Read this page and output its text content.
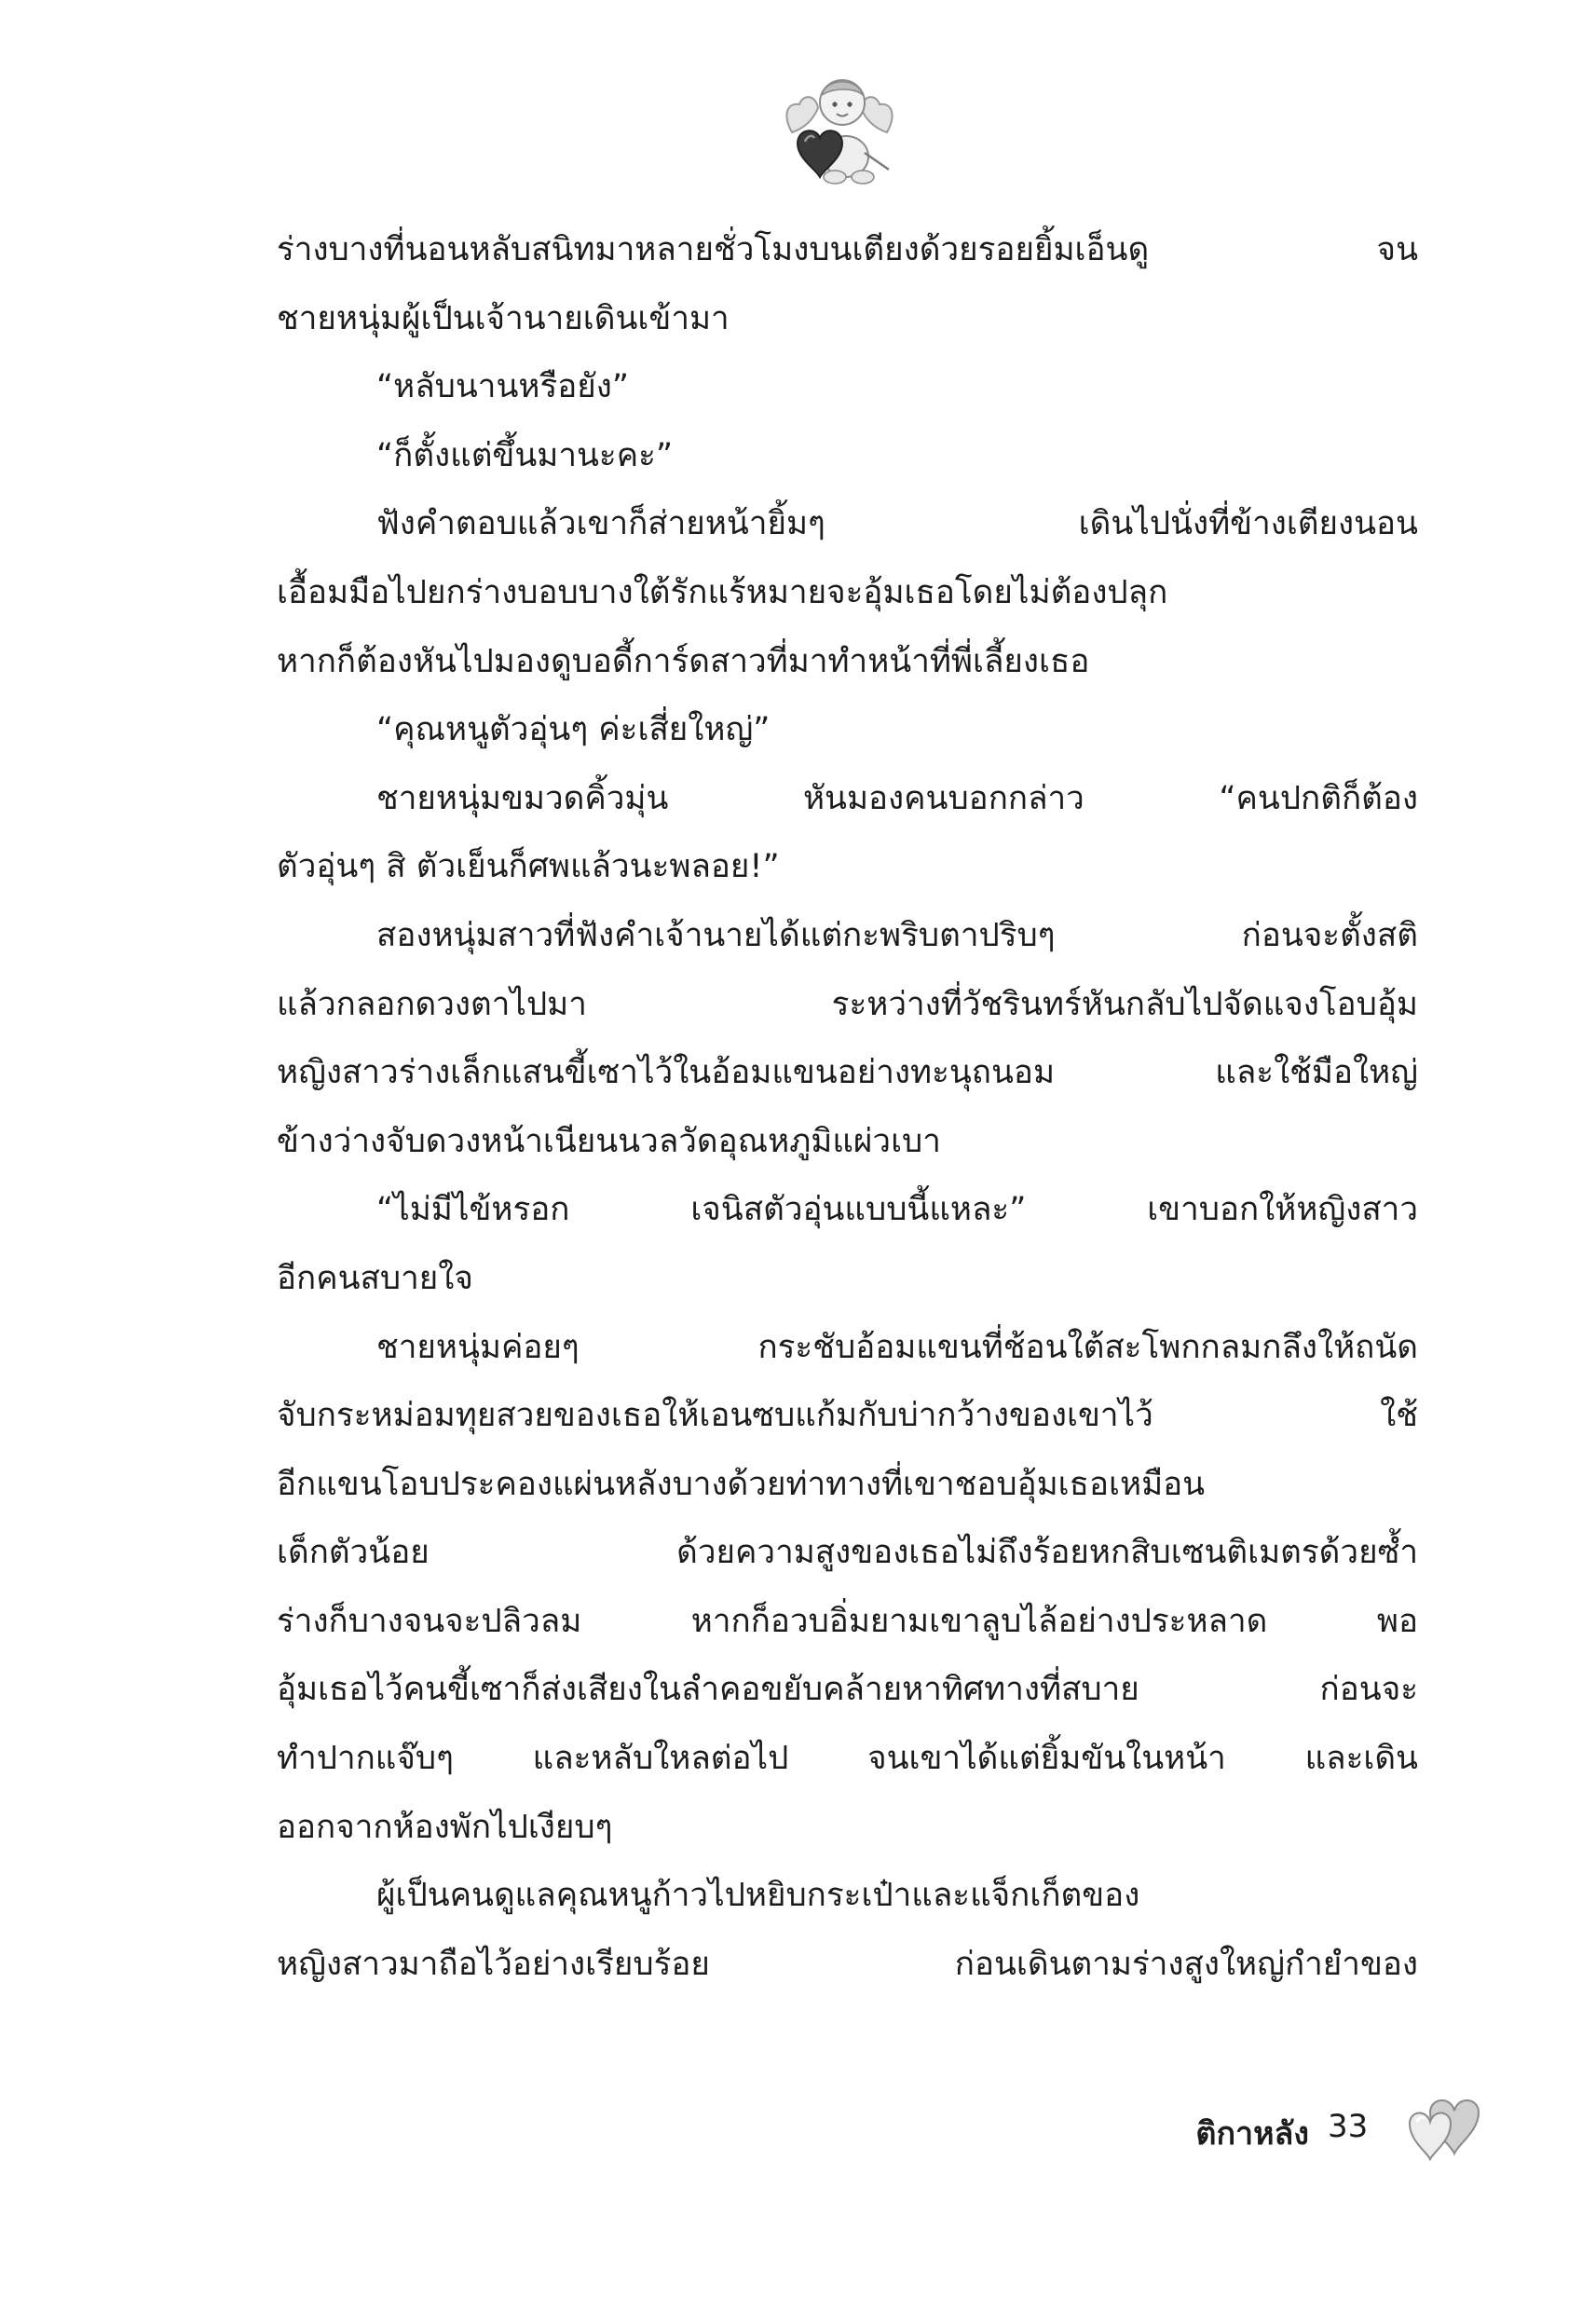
ร่างบางที่นอนหลับสนิทมาหลายชั่วโมงบนเตียงด้วยรอยยิ้มเอ็นดู จน
ชายหนุ่มผู้เป็นเจ้านายเดินเข้ามา
“หลับนานหรือยัง”
“ก็ตั้งแต่ขึ้นมานะคะ”
ฟังคำตอบแล้วเขาก็ส่ายหน้ายิ้มๆ เดินไปนั่งที่ข้างเตียงนอน
เอื้อมมือไปยกร่างบอบบางใต้รักแร้หมายจะอุ้มเธอโดยไม่ต้องปลุก
หากก็ต้องหันไปมองดูบอดี้การ์ดสาวที่มาทำหน้าที่พี่เลี้ยงเธอ
“คุณหนูตัวอุ่นๆ ค่ะเสี่ยใหญ่”
ชายหนุ่มขมวดคิ้วมุ่น หันมองคนบอกกล่าว “คนปกติก็ต้อง
ตัวอุ่นๆ สิ ตัวเย็นก็ศพแล้วนะพลอย!”
สองหนุ่มสาวที่ฟังคำเจ้านายได้แต่กะพริบตาปริบๆ ก่อนจะตั้งสติ
แล้วกลอกดวงตาไปมา ระหว่างที่วัชรินทร์หันกลับไปจัดแจงโอบอุ้ม
หญิงสาวร่างเล็กแสนขี้เซาไว้ในอ้อมแขนอย่างทะนุถนอม และใช้มือใหญ่
ข้างว่างจับดวงหน้าเนียนนวลวัดอุณหภูมิแผ่วเบา
“ไม่มีไข้หรอก เจนิสตัวอุ่นแบบนี้แหละ” เขาบอกให้หญิงสาว
อีกคนสบายใจ
ชายหนุ่มค่อยๆ กระชับอ้อมแขนที่ช้อนใต้สะโพกกลมกลึงให้ถนัด
จับกระหม่อมทุยสวยของเธอให้เอนซบแก้มกับบ่ากว้างของเขาไว้ ใช้
อีกแขนโอบประคองแผ่นหลังบางด้วยท่าทางที่เขาชอบอุ้มเธอเหมือน
เด็กตัวน้อย ด้วยความสูงของเธอไม่ถึงร้อยหกสิบเซนติเมตรด้วยซ้ำ
ร่างก็บางจนจะปลิวลม หากก็อวบอิ่มยามเขาลูบไล้อย่างประหลาด พอ
อุ้มเธอไว้คนขี้เซาก็ส่งเสียงในลำคอขยับคล้ายหาทิศทางที่สบาย ก่อนจะ
ทำปากแจ๊บๆ และหลับใหลต่อไป จนเขาได้แต่ยิ้มขันในหน้า และเดิน
ออกจากห้องพักไปเงียบๆ
ผู้เป็นคนดูแลคุณหนูก้าวไปหยิบกระเป๋าและแจ็กเก็ตของ
หญิงสาวมาถือไว้อย่างเรียบร้อย ก่อนเดินตามร่างสูงใหญ่กำยำของ
ติกาหลัง 33
